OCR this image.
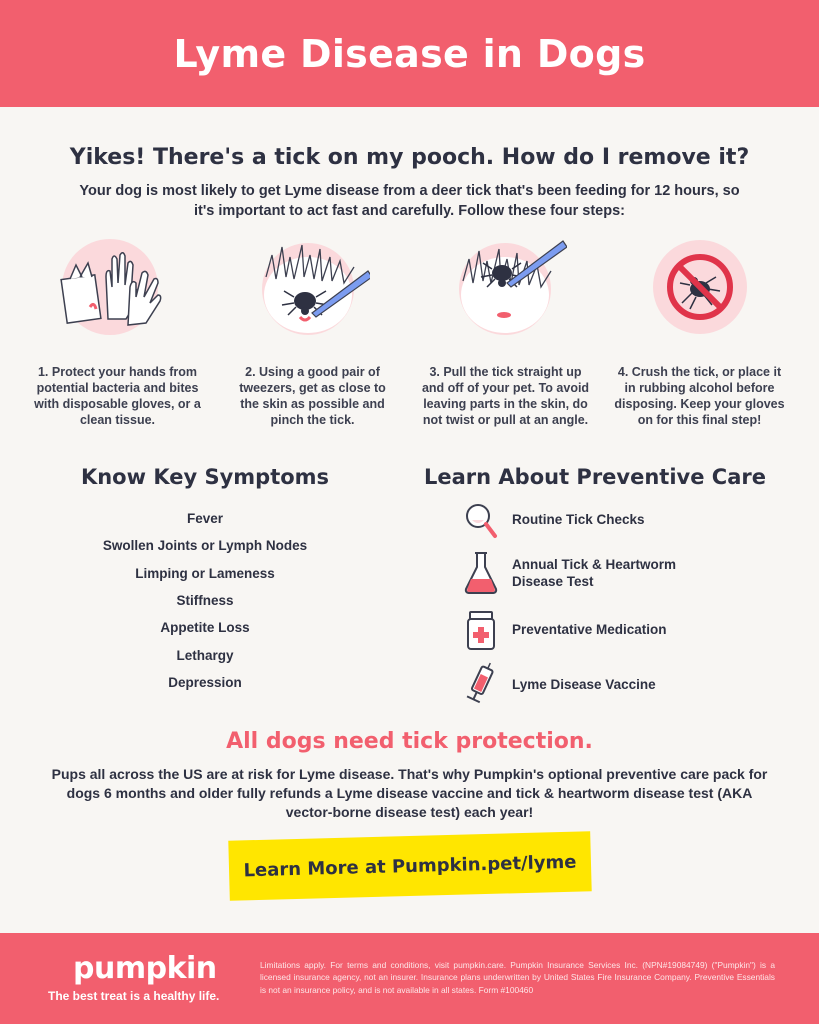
Lyme Disease in Dogs
Yikes! There's a tick on my pooch. How do I remove it?
Your dog is most likely to get Lyme disease from a deer tick that's been feeding for 12 hours, so it's important to act fast and carefully. Follow these four steps:
1. Protect your hands from
potential bacteria and bites
with disposable gloves, or a
clean tissue.
2. Using a good pair of
tweezers, get as close to
the skin as possible and
pinch the tick.
3. Pull the tick straight up
and off of your pet. To avoid
leaving parts in the skin, do
not twist or pull at an angle.
4. Crush the tick, or place it
in rubbing alcohol before
disposing. Keep your gloves
on for this final step!
Know Key Symptoms
Fever
Swollen Joints or Lymph Nodes
Limping or Lameness
Stiffness
Appetite Loss
Lethargy
Depression
Learn About Preventive Care
Routine Tick Checks
Annual Tick & Heartworm
Disease Test
Preventative Medication
Lyme Disease Vaccine
All dogs need tick protection.
Pups all across the US are at risk for Lyme disease. That's why Pumpkin's optional preventive care pack for dogs 6 months and older fully refunds a Lyme disease vaccine and tick & heartworm disease test (AKA vector-borne disease test) each year!
Learn More at Pumpkin.pet/lyme
pumpkin
The best treat is a healthy life.
Limitations apply. For terms and conditions, visit pumpkin.care. Pumpkin Insurance Services Inc. (NPN#19084749) ("Pumpkin") is a licensed insurance agency, not an insurer. Insurance plans underwritten by United States Fire Insurance Company. Preventive Essentials is not an insurance policy, and is not available in all states. Form #100460
